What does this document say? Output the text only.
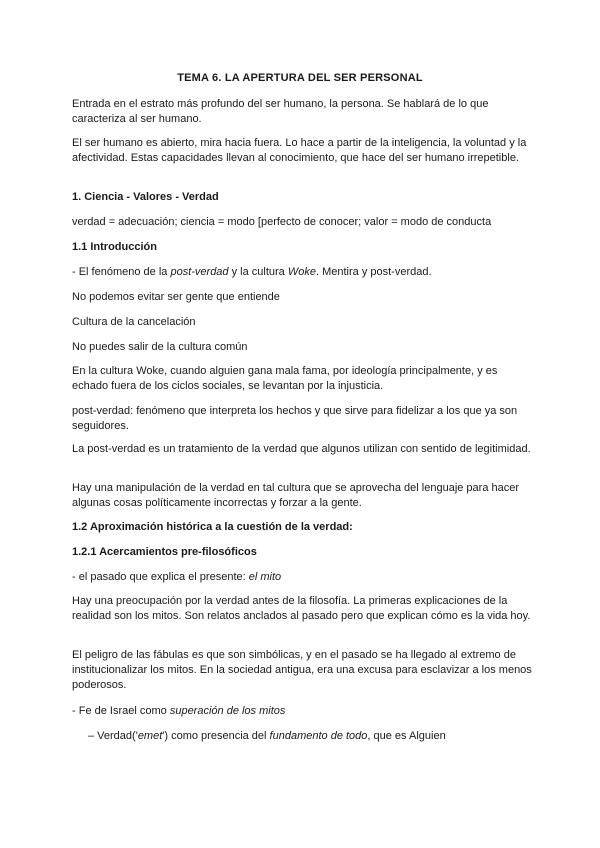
TEMA 6. LA APERTURA DEL SER PERSONAL

Entrada en el estrato más profundo del ser humano, la persona. Se hablará de lo que caracteriza al ser humano.

El ser humano es abierto, mira hacia fuera. Lo hace a partir de la inteligencia, la voluntad y la afectividad. Estas capacidades llevan al conocimiento, que hace del ser humano irrepetible.

1. Ciencia - Valores - Verdad

verdad = adecuación; ciencia = modo [perfecto de conocer; valor = modo de conducta

1.1 Introducción

- El fenómeno de la post-verdad y la cultura Woke. Mentira y post-verdad.

No podemos evitar ser gente que entiende

Cultura de la cancelación

No puedes salir de la cultura común

En la cultura Woke, cuando alguien gana mala fama, por ideología principalmente, y es echado fuera de los ciclos sociales, se levantan por la injusticia.

post-verdad: fenómeno que interpreta los hechos y que sirve para fidelizar a los que ya son seguidores.

La post-verdad es un tratamiento de la verdad que algunos utilizan con sentido de legitimidad.

Hay una manipulación de la verdad en tal cultura que se aprovecha del lenguaje para hacer algunas cosas políticamente incorrectas y forzar a la gente.

1.2 Aproximación histórica a la cuestión de la verdad:

1.2.1 Acercamientos pre-filosóficos

- el pasado que explica el presente: el mito

Hay una preocupación por la verdad antes de la filosofía. La primeras explicaciones de la realidad son los mitos. Son relatos anclados al pasado pero que explican cómo es la vida hoy.

El peligro de las fábulas es que son simbólicas, y en el pasado se ha llegado al extremo de institucionalizar los mitos. En la sociedad antigua, era una excusa para esclavizar a los menos poderosos.

- Fe de Israel como superación de los mitos

– Verdad('emet') como presencia del fundamento de todo, que es Alguien
